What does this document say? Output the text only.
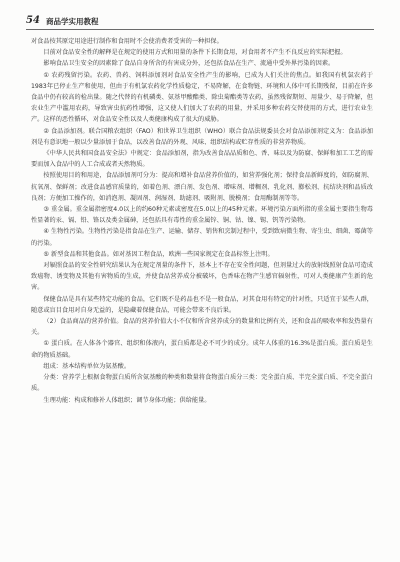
54 商品学实用教程

对食品按其原定用途进行制作和食用时不会使消费者受害的一种担保。

目前对食品安全性的解释是在规定的使用方式和用量的条件下长期食用，对食用者不产生不良反应的实际把握。

影响食品卫生安全的因素除了食品自身所含的有害成分外，还包括食品在生产、流通中受外界污染的因素。

① 农药残留污染。农药、兽药、饲料添加剂对食品安全性产生的影响，已成为人们关注的焦点。如我国有机氯农药于1983年已停止生产和使用，但由于有机氯农药化学性质稳定，不易降解，在食物链、环境和人体中可长期残留，目前在许多食品中仍有较高的检出量。随之代替的有机磷类、氨基甲酸酯类、除虫菊酯类等农药，虽然残留期短、用量少、易于降解，但农业生产中滥用农药，导致害虫抗药性增强，这又使人们加大了农药的用量，并采用多种农药交替使用的方式，进行农业生产。这样的恶性循环，对食品安全性以及人类健康构成了很大的威胁。

② 食品添加剂。联合国粮农组织（FAO）和世界卫生组织（WHO）联合食品法规委员会对食品添加剂定义为：食品添加剂是有意识地一般以少量添加于食品，以改善食品的外观、风味、组织结构或贮存性质的非营养物质。

《中华人民共和国食品安全法》中规定：食品添加剂，指为改善食品品质和色、香、味以及为防腐、保鲜和加工工艺的需要而加入食品中的人工合成或者天然物质。

按照使用目的和用途，食品添加剂可分为：提高和增补食品营养价值的，如营养强化剂；保持食品新鲜度的，如防腐剂、抗氧剂、保鲜剂；改进食品感官质量的，如着色剂、漂白剂、发色剂、增味剂、增稠剂、乳化剂、膨松剂、抗结块剂和品质改良剂；方便加工操作的，如消泡剂、凝固剂、润湿剂、助滤剂、吸附剂、脱模剂；食用酶制剂等等。

③ 重金属。重金属指密度4.0以上的约60种元素或密度在5.0以上的45种元素。环境污染方面所指的重金属主要指生物毒性显著的汞、镉、铅、铬以及类金属砷，还包括具有毒性的重金属锌、铜、钴、镍、锡、钒等污染物。

④ 生物性污染。生物性污染是指食品在生产、运输、储存、销售和烹制过程中，受到致病微生物、寄生虫、细菌、霉菌等的污染。

⑤ 新型食品和其他食品。如对基因工程食品，欧洲一些国家规定在食品标签上注明。

对辐照食品的安全性研究结果认为在规定剂量的条件下，基本上不存在安全性问题，但剂量过大的放射线照射食品可造成致癌物、诱变物及其他有害物质的生成，并使食品营养成分被破坏，色香味在物产生感官辐射性，可对人类健康产生新的危害。

保健食品是具有某些特定功能的食品，它们既不是药品也不是一般食品，对其食用有特定的针对性，只适宜于某些人群，随意或盲目食用对自身无益的，是隐藏着保健食品，可能会带来不良后果。

（2）食品商品的营养价值。食品的营养价值大小不仅和所含营养成分的数量和比例有关，还和食品的吸收率和发热量有关。

① 蛋白质。在人体各个器官、组织和体液内，蛋白质都是必不可少的成分。成年人体重的16.3%是蛋白质。蛋白质是生命的物质基础。

组成：基本结构单位为氨基酸。

分类：营养学上根据食物蛋白质所含氨基酸的种类和数量将食物蛋白质分三类：完全蛋白质、半完全蛋白质、不完全蛋白质。

生理功能：构成和修补人体组织；调节身体功能；供给能量。
